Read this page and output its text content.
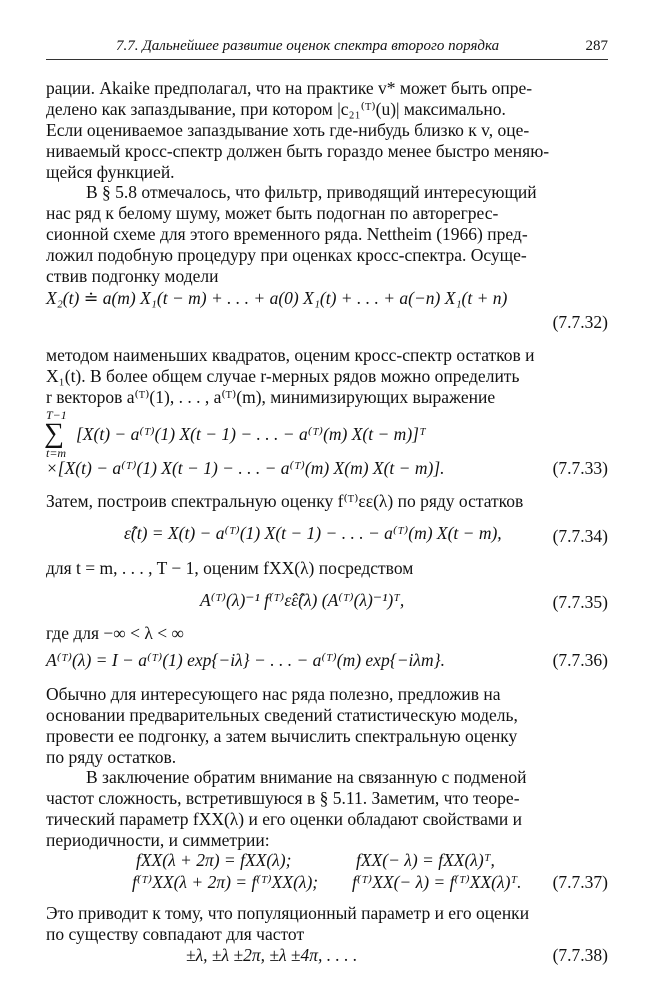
7.7. Дальнейшее развитие оценок спектра второго порядка	287
рации. Akaike предполагал, что на практике v* может быть опре-
делено как запаздывание, при котором |c₂₁⁽ᵀ⁾(u)| максимально.
Если оцениваемое запаздывание хоть где-нибудь близко к v, оце-
ниваемый кросс-спектр должен быть гораздо менее быстро меняю-
щейся функцией.
В § 5.8 отмечалось, что фильтр, приводящий интересующий
нас ряд к белому шуму, может быть подогнан по авторегрес-
сионной схеме для этого временного ряда. Nettheim (1966) пред-
ложил подобную процедуру при оценках кросс-спектра. Осуще-
ствив подгонку модели
X₂(t) ≐ a(m) X₁(t − m) + . . . + a(0) X₁(t) + . . . + a(−n) X₁(t + n)
(7.7.32)
методом наименьших квадратов, оценим кросс-спектр остатков и
X₁(t). В более общем случае r-мерных рядов можно определить
r векторов a⁽ᵀ⁾(1), . . . , a⁽ᵀ⁾(m), минимизирующих выражение
T−1
∑
t=m
[X(t) − a⁽ᵀ⁾(1) X(t − 1) − . . . − a⁽ᵀ⁾(m) X(t − m)]ᵀ
×[X(t) − a⁽ᵀ⁾(1) X(t − 1) − . . . − a⁽ᵀ⁾(m) X(m) X(t − m)].	(7.7.33)
Затем, построив спектральную оценку f⁽ᵀ⁾εε(λ) по ряду остатков
ε̂(t) = X(t) − a⁽ᵀ⁾(1) X(t − 1) − . . . − a⁽ᵀ⁾(m) X(t − m),	(7.7.34)
для t = m, . . . , T − 1, оценим fXX(λ) посредством
A⁽ᵀ⁾(λ)⁻¹ f⁽ᵀ⁾ε̂ε̂(λ) (A⁽ᵀ⁾(λ)⁻¹)ᵀ,	(7.7.35)
где для −∞ < λ < ∞
A⁽ᵀ⁾(λ) = I − a⁽ᵀ⁾(1) exp{−iλ} − . . . − a⁽ᵀ⁾(m) exp{−iλm}.	(7.7.36)
Обычно для интересующего нас ряда полезно, предложив на
основании предварительных сведений статистическую модель,
провести ее подгонку, а затем вычислить спектральную оценку
по ряду остатков.
В заключение обратим внимание на связанную с подменой
частот сложность, встретившуюся в § 5.11. Заметим, что теоре-
тический параметр fXX(λ) и его оценки обладают свойствами и
периодичности, и симметрии:
fXX(λ + 2π) = fXX(λ);	fXX(− λ) = fXX(λ)ᵀ,
f⁽ᵀ⁾XX(λ + 2π) = f⁽ᵀ⁾XX(λ); f⁽ᵀ⁾XX(− λ) = f⁽ᵀ⁾XX(λ)ᵀ. (7.7.37)
Это приводит к тому, что популяционный параметр и его оценки
по существу совпадают для частот
±λ, ±λ ±2π, ±λ ±4π, . . . .	(7.7.38)
